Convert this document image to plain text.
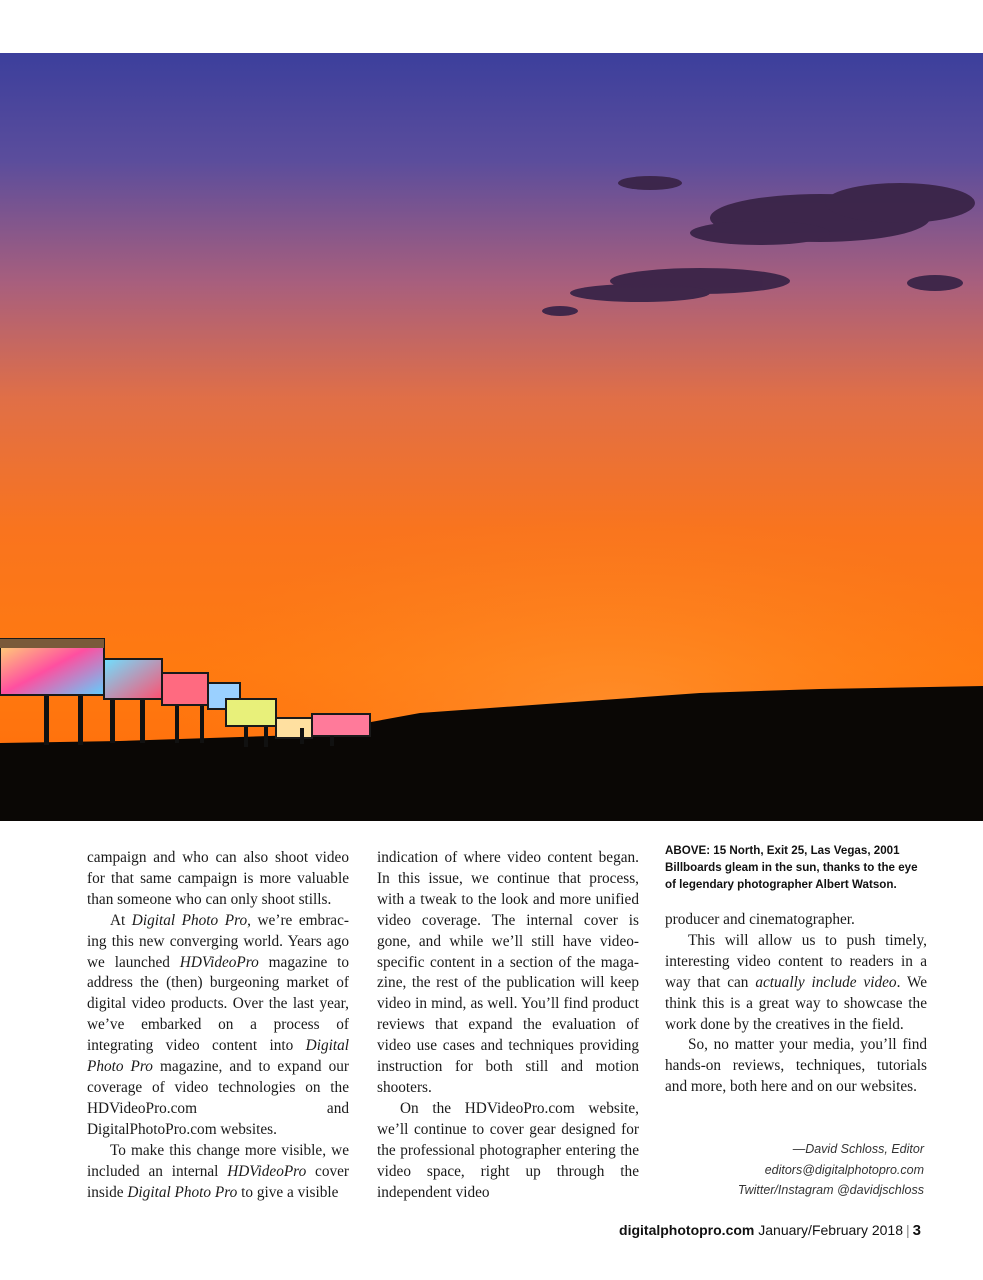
ABOVE: 15 North, Exit 25, Las Vegas, 2001
Billboards gleam in the sun, thanks to the eye
of legendary photographer Albert Watson.

campaign and who can also shoot video for that same campaign is more valuable than someone who can only shoot stills.

At Digital Photo Pro, we’re embracing this new converging world. Years ago we launched HDVideoPro magazine to address the (then) burgeoning market of digital video products. Over the last year, we’ve embarked on a process of integrating video content into Digital Photo Pro magazine, and to expand our coverage of video technologies on the HDVideoPro.com and DigitalPhotoPro.com websites.

To make this change more visible, we included an internal HDVideoPro cover inside Digital Photo Pro to give a visible

indication of where video content began. In this issue, we continue that process, with a tweak to the look and more unified video coverage. The internal cover is gone, and while we’ll still have video-specific content in a section of the magazine, the rest of the publication will keep video in mind, as well. You’ll find product reviews that expand the evaluation of video use cases and techniques providing instruction for both still and motion shooters.

On the HDVideoPro.com website, we’ll continue to cover gear designed for the professional photographer entering the video space, right up through the independent video

producer and cinematographer.

This will allow us to push timely, interesting video content to readers in a way that can actually include video. We think this is a great way to showcase the work done by the creatives in the field.

So, no matter your media, you’ll find hands-on reviews, techniques, tutorials and more, both here and on our websites.

—David Schloss, Editor
editors@digitalphotopro.com
Twitter/Instagram @davidjschloss
digitalphotopro.com January/February 2018 | 3
